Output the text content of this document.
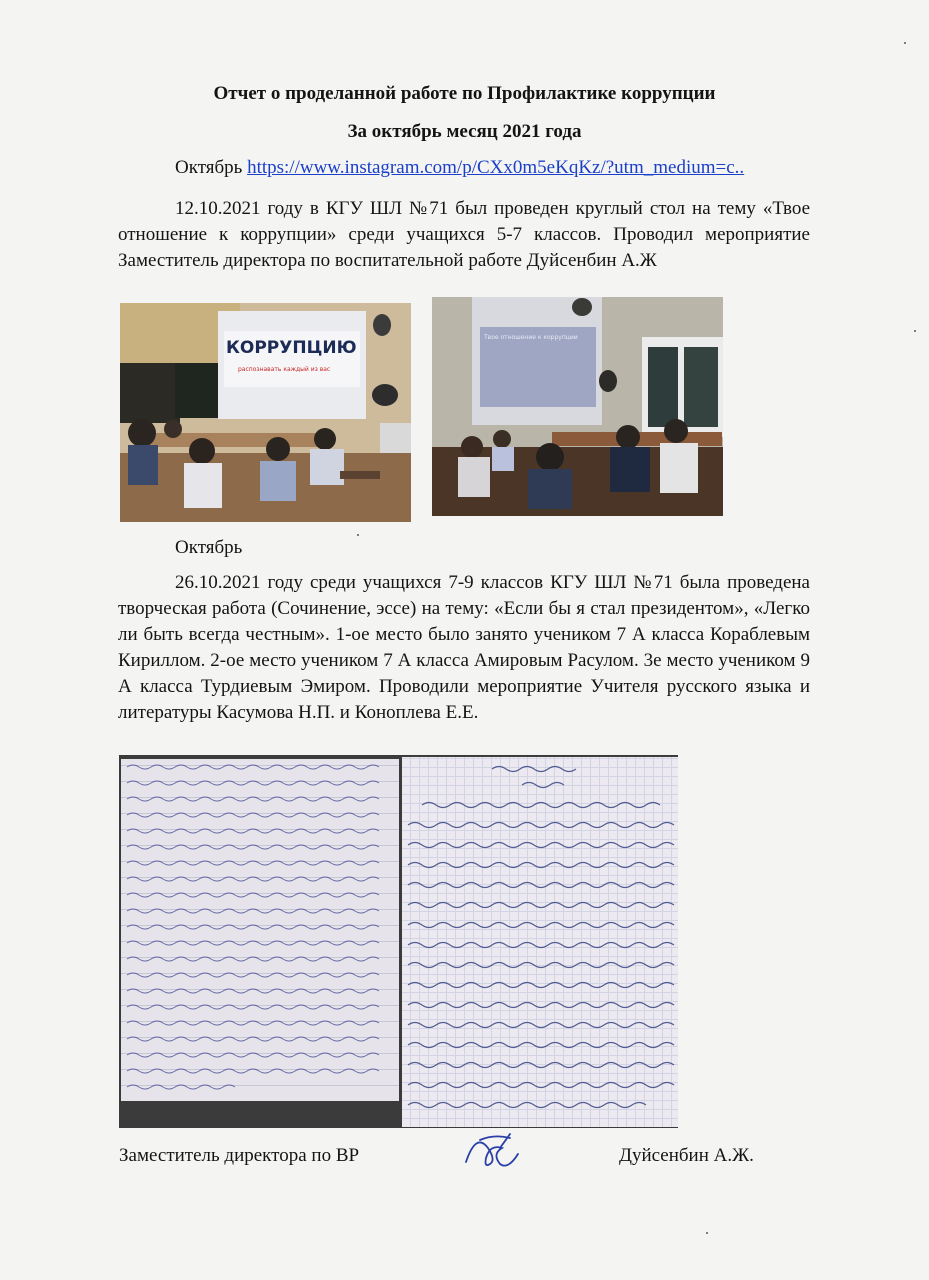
Отчет о проделанной работе по Профилактике коррупции
За октябрь месяц 2021 года
Октябрь https://www.instagram.com/p/CXx0m5eKqKz/?utm_medium=c..

12.10.2021 году в КГУ ШЛ №71 был проведен круглый стол на тему «Твое отношение к коррупции» среди учащихся 5-7 классов. Проводил мероприятие Заместитель директора по воспитательной работе Дуйсенбин А.Ж

КОРРУПЦИЮ
распознавать каждый из вас
Твое отношение к коррупции
Октябрь

26.10.2021 году среди учащихся 7-9 классов КГУ ШЛ №71 была проведена творческая работа (Сочинение, эссе) на тему: «Если бы я стал президентом», «Легко ли быть всегда честным». 1-ое место было занято учеником 7 А класса Кораблевым Кириллом. 2-ое место учеником 7 А класса Амировым Расулом. 3е место учеником 9 А класса Турдиевым Эмиром. Проводили мероприятие Учителя русского языка и литературы Касумова Н.П. и Коноплева Е.Е.

Заместитель директора по ВР	Дуйсенбин А.Ж.
